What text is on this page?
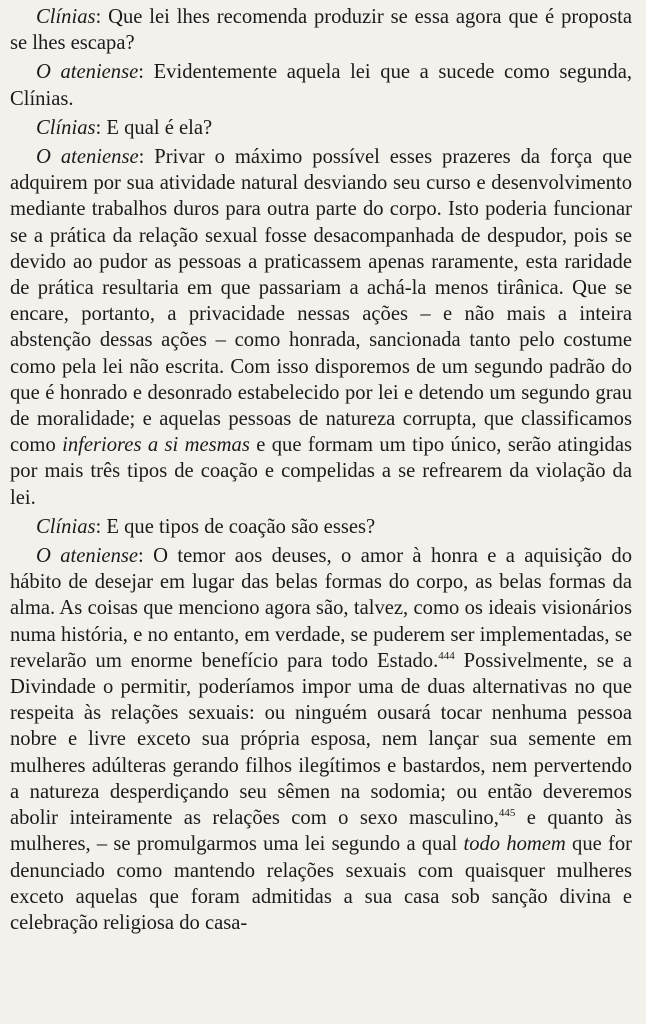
Clínias: Que lei lhes recomenda produzir se essa agora que é proposta se lhes escapa?

O ateniense: Evidentemente aquela lei que a sucede como segunda, Clínias.

Clínias: E qual é ela?

O ateniense: Privar o máximo possível esses prazeres da força que adquirem por sua atividade natural desviando seu curso e desenvolvimento mediante trabalhos duros para outra parte do corpo. Isto poderia funcionar se a prática da relação sexual fosse desacompanhada de despudor, pois se devido ao pudor as pessoas a praticassem apenas raramente, esta raridade de prática resultaria em que passariam a achá-la menos tirânica. Que se encare, portanto, a privacidade nessas ações – e não mais a inteira abstenção dessas ações – como honrada, sancionada tanto pelo costume como pela lei não escrita. Com isso disporemos de um segundo padrão do que é honrado e desonrado estabelecido por lei e detendo um segundo grau de moralidade; e aquelas pessoas de natureza corrupta, que classificamos como inferiores a si mesmas e que formam um tipo único, serão atingidas por mais três tipos de coação e compelidas a se refrearem da violação da lei.

Clínias: E que tipos de coação são esses?

O ateniense: O temor aos deuses, o amor à honra e a aquisição do hábito de desejar em lugar das belas formas do corpo, as belas formas da alma. As coisas que menciono agora são, talvez, como os ideais visionários numa história, e no entanto, em verdade, se puderem ser implementadas, se revelarão um enorme benefício para todo Estado.$^{444}$ Possivelmente, se a Divindade o permitir, poderíamos impor uma de duas alternativas no que respeita às relações sexuais: ou ninguém ousará tocar nenhuma pessoa nobre e livre exceto sua própria esposa, nem lançar sua semente em mulheres adúlteras gerando filhos ilegítimos e bastardos, nem pervertendo a natureza desperdiçando seu sêmen na sodomia; ou então deveremos abolir inteiramente as relações com o sexo masculino,$^{445}$ e quanto às mulheres, – se promulgarmos uma lei segundo a qual todo homem que for denunciado como mantendo relações sexuais com quaisquer mulheres exceto aquelas que foram admitidas a sua casa sob sanção divina e celebração religiosa do casa-
